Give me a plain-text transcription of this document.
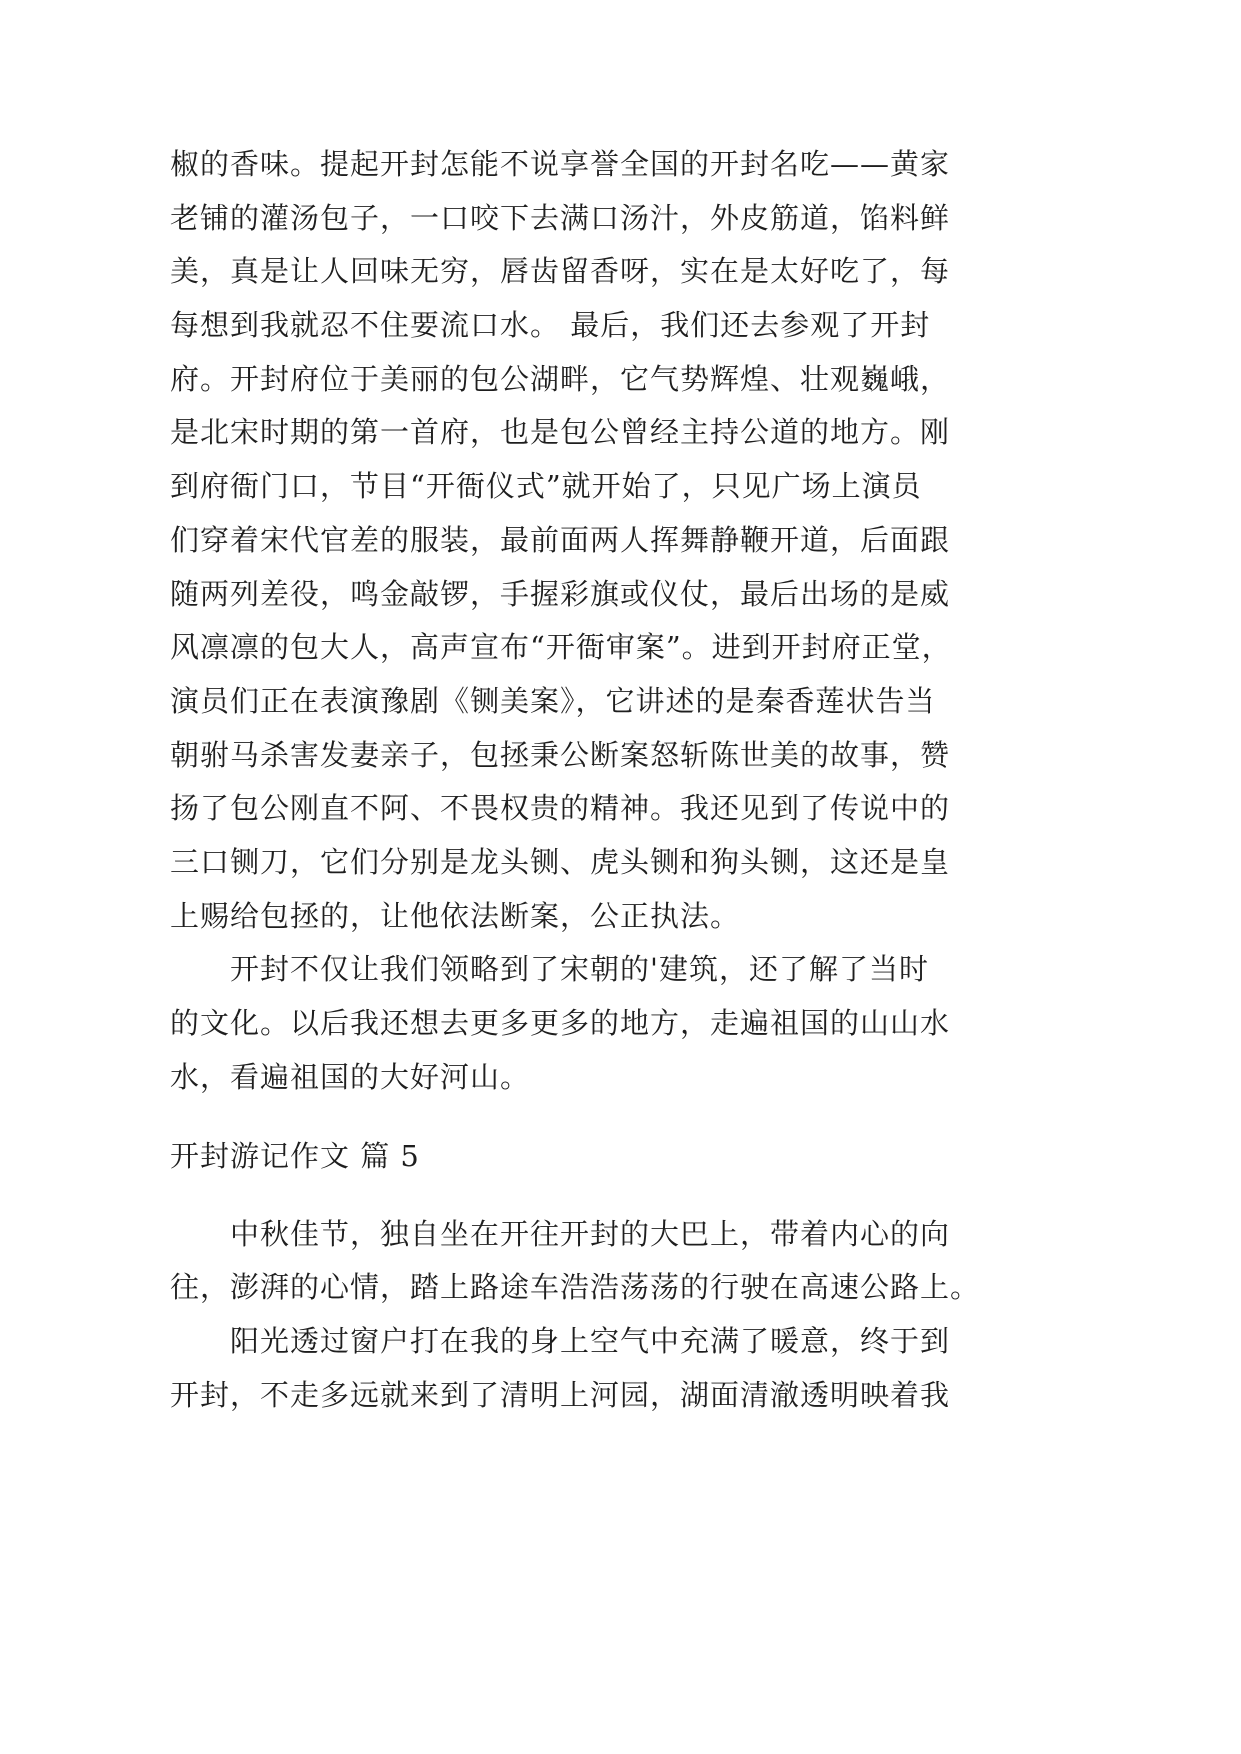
椒的香味。提起开封怎能不说享誉全国的开封名吃——黄家
老铺的灌汤包子，一口咬下去满口汤汁，外皮筋道，馅料鲜
美，真是让人回味无穷，唇齿留香呀，实在是太好吃了，每
每想到我就忍不住要流口水。 最后，我们还去参观了开封
府。开封府位于美丽的包公湖畔，它气势辉煌、壮观巍峨，
是北宋时期的第一首府，也是包公曾经主持公道的地方。刚
到府衙门口，节目“开衙仪式”就开始了，只见广场上演员
们穿着宋代官差的服装，最前面两人挥舞静鞭开道，后面跟
随两列差役，鸣金敲锣，手握彩旗或仪仗，最后出场的是威
风凛凛的包大人，高声宣布“开衙审案”。进到开封府正堂，
演员们正在表演豫剧《铡美案》，它讲述的是秦香莲状告当
朝驸马杀害发妻亲子，包拯秉公断案怒斩陈世美的故事，赞
扬了包公刚直不阿、不畏权贵的精神。我还见到了传说中的
三口铡刀，它们分别是龙头铡、虎头铡和狗头铡，这还是皇
上赐给包拯的，让他依法断案，公正执法。
开封不仅让我们领略到了宋朝的'建筑，还了解了当时
的文化。以后我还想去更多更多的地方，走遍祖国的山山水
水，看遍祖国的大好河山。
开封游记作文 篇 5
中秋佳节，独自坐在开往开封的大巴上，带着内心的向
往，澎湃的心情，踏上路途车浩浩荡荡的行驶在高速公路上。
阳光透过窗户打在我的身上空气中充满了暖意，终于到
开封，不走多远就来到了清明上河园，湖面清澈透明映着我
